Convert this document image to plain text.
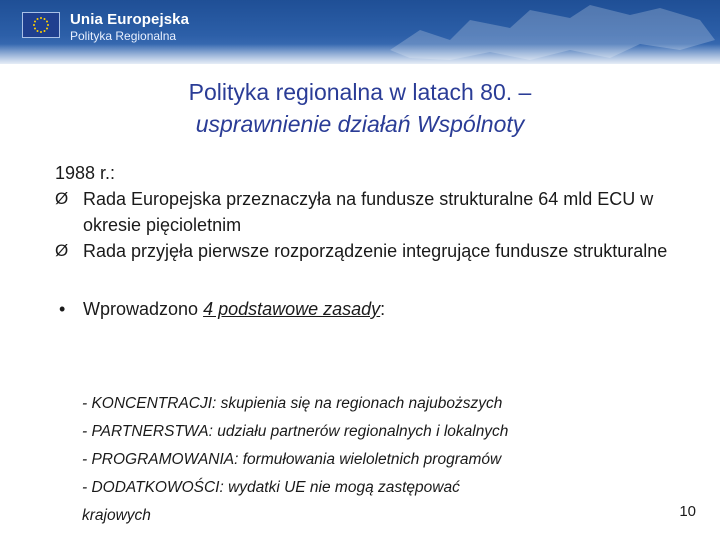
Unia Europejska
Polityka Regionalna
Polityka regionalna w latach 80. –
usprawnienie działań Wspólnoty
1988 r.:
Ø Rada Europejska przeznaczyła na fundusze strukturalne 64 mld ECU w okresie pięcioletnim
Ø Rada przyjęła pierwsze rozporządzenie integrujące fundusze strukturalne
• Wprowadzono 4 podstawowe zasady:
- KONCENTRACJI: skupienia się na regionach najuboższych
- PARTNERSTWA: udziału partnerów regionalnych i lokalnych
- PROGRAMOWANIA: formułowania wieloletnich programów
- DODATKOWOŚCI: wydatki UE nie mogą zastępować
krajowych	10
